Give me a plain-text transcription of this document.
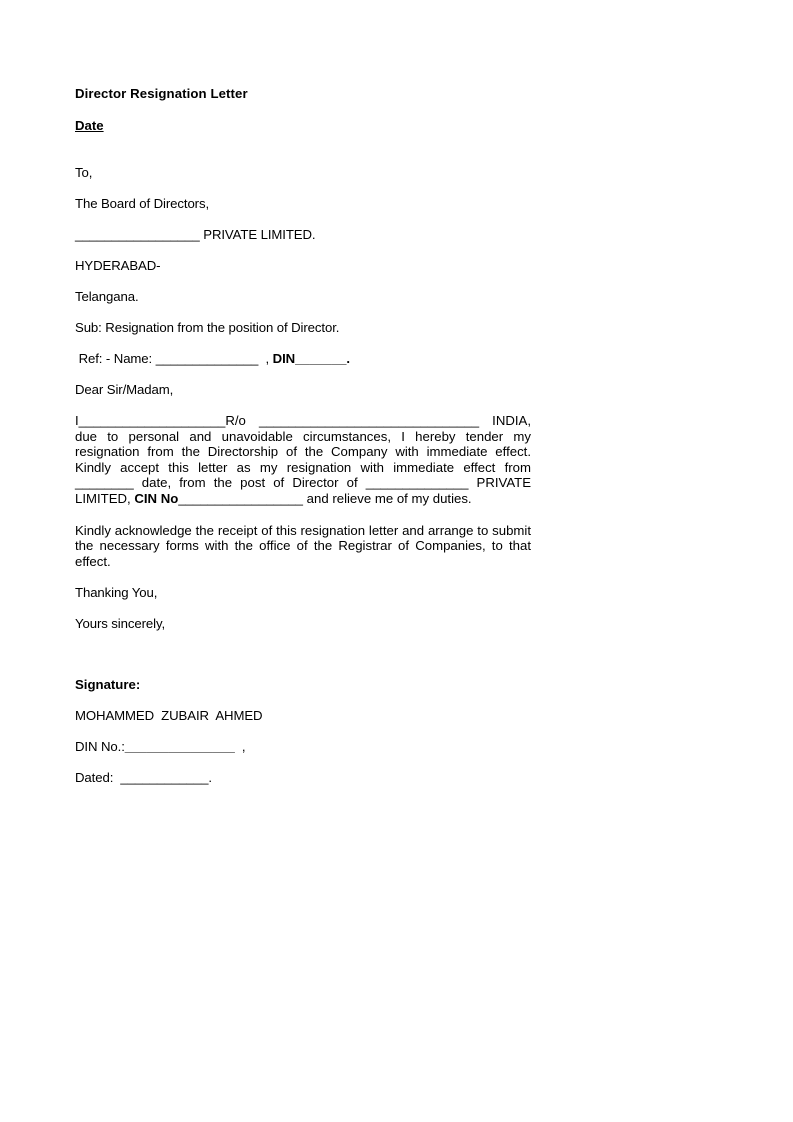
Director Resignation Letter
Date
To,
The Board of Directors,
_________________ PRIVATE LIMITED.
HYDERABAD-
Telangana.
Sub: Resignation from the position of Director.
Ref: - Name: ______________  , DIN_______.
Dear Sir/Madam,
I____________________R/o ______________________________ INDIA, due to personal and unavoidable circumstances, I hereby tender my resignation from the Directorship of the Company with immediate effect. Kindly accept this letter as my resignation with immediate effect from ________ date, from the post of Director of ______________ PRIVATE LIMITED, CIN No_________________ and relieve me of my duties.
Kindly acknowledge the receipt of this resignation letter and arrange to submit the necessary forms with the office of the Registrar of Companies, to that effect.
Thanking You,
Yours sincerely,
Signature:
MOHAMMED  ZUBAIR  AHMED
DIN No.:_______________  ,
Dated:  ____________.
